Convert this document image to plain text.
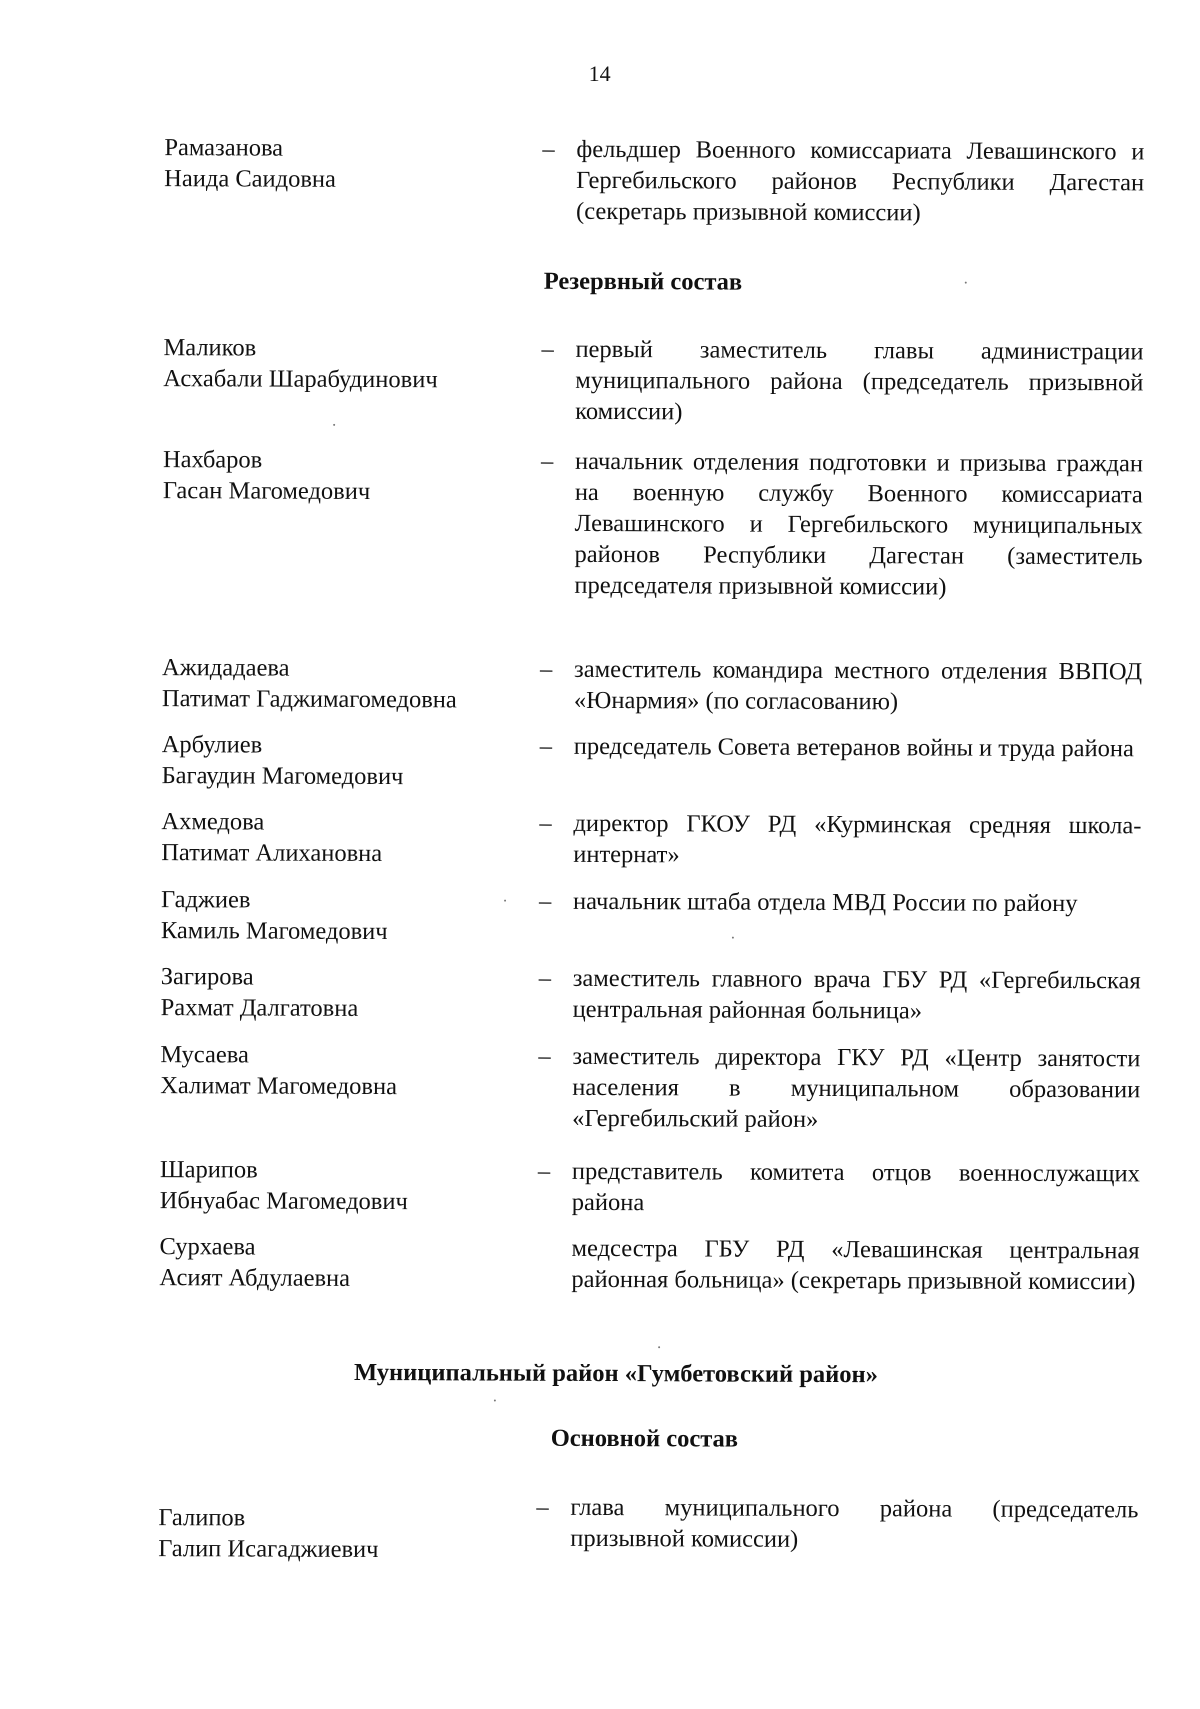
14
Рамазанова
Наида Саидовна
– фельдшер Военного комиссариата Левашинского и Гергебильского районов Республики Дагестан (секретарь призывной комиссии)
Резервный состав
Маликов
Асхабали Шарабудинович
– первый заместитель главы администрации муниципального района (председатель призывной комиссии)
Нахбаров
Гасан Магомедович
– начальник отделения подготовки и призыва граждан на военную службу Военного комиссариата Левашинского и Гергебильского муниципальных районов Республики Дагестан (заместитель председателя призывной комиссии)
Ажидадаева
Патимат Гаджимагомедовна
– заместитель командира местного отделения ВВПОД «Юнармия» (по согласованию)
Арбулиев
Багаудин Магомедович
– председатель Совета ветеранов войны и труда района
Ахмедова
Патимат Алихановна
– директор ГКОУ РД «Курминская средняя школа-интернат»
Гаджиев
Камиль Магомедович
– начальник штаба отдела МВД России по району
Загирова
Рахмат Далгатовна
– заместитель главного врача ГБУ РД «Гергебильская центральная районная больница»
Мусаева
Халимат Магомедовна
– заместитель директора ГКУ РД «Центр занятости населения в муниципальном образовании «Гергебильский район»
Шарипов
Ибнуабас Магомедович
– представитель комитета отцов военнослужащих района
Сурхаева
Асият Абдулаевна
медсестра ГБУ РД «Левашинская центральная районная больница» (секретарь призывной комиссии)
Муниципальный район «Гумбетовский район»
Основной состав
Галипов
Галип Исагаджиевич
– глава муниципального района (председатель призывной комиссии)
